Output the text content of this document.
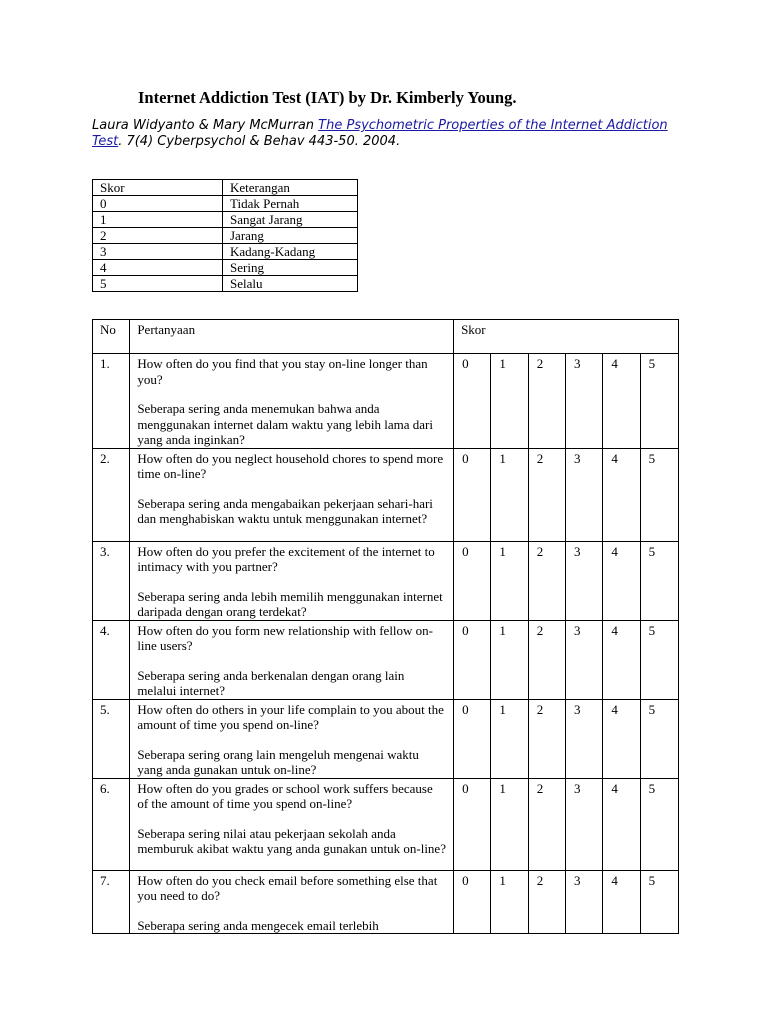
Internet Addiction Test (IAT) by Dr. Kimberly Young.
Laura Widyanto & Mary McMurran The Psychometric Properties of the Internet Addiction Test. 7(4) Cyberpsychol & Behav 443-50. 2004.
Skor	Keterangan
0	Tidak Pernah
1	Sangat Jarang
2	Jarang
3	Kadang-Kadang
4	Sering
5	Selalu
No	Pertanyaan	Skor					

1.	How often do you find that you stay on-line longer than you?
Seberapa sering anda menemukan bahwa anda menggunakan internet dalam waktu yang lebih lama dari yang anda inginkan?	0	1	2	3	4	5

2.	How often do you neglect household chores to spend more time on-line?
Seberapa sering anda mengabaikan pekerjaan sehari-hari dan menghabiskan waktu untuk menggunakan internet?	0	1	2	3	4	5

3.	How often do you prefer the excitement of the internet to intimacy with you partner?
Seberapa sering anda lebih memilih menggunakan internet daripada dengan orang terdekat?	0	1	2	3	4	5

4.	How often do you form new relationship with fellow on-line users?
Seberapa sering anda berkenalan dengan orang lain melalui internet?	0	1	2	3	4	5

5.	How often do others in your life complain to you about the amount of time you spend on-line?
Seberapa sering orang lain mengeluh mengenai waktu yang anda gunakan untuk on-line?	0	1	2	3	4	5

6.	How often do you grades or school work suffers because of the amount of time you spend on-line?
Seberapa sering nilai atau pekerjaan sekolah anda memburuk akibat waktu yang anda gunakan untuk on-line?	0	1	2	3	4	5

7.	How often do you check email before something else that you need to do?
Seberapa sering anda mengecek email terlebih	0	1	2	3	4	5
